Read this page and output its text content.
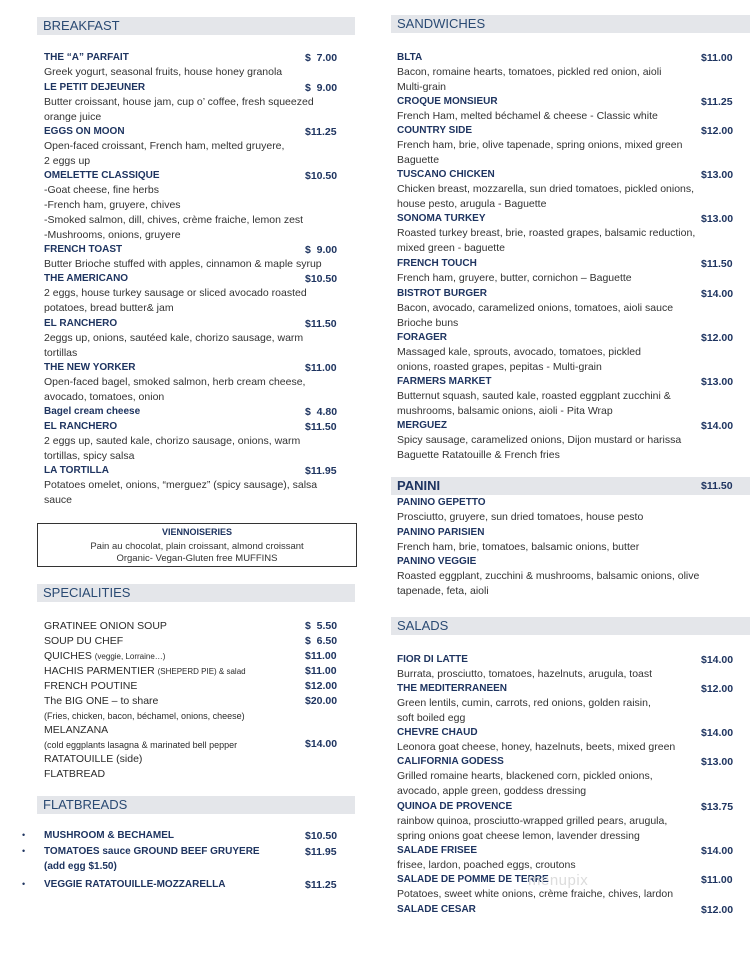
BREAKFAST
THE “A” PARFAIT	$  7.00
Greek yogurt, seasonal fruits, house honey granola
LE PETIT DEJEUNER	$  9.00
Butter croissant, house jam, cup o’ coffee, fresh squeezed
orange juice
EGGS ON MOON	$11.25
Open-faced croissant, French ham, melted gruyere,
2 eggs up
OMELETTE CLASSIQUE	$10.50
-Goat cheese, fine herbs
-French ham, gruyere, chives
-Smoked salmon, dill, chives, crème fraiche, lemon zest
-Mushrooms, onions, gruyere
FRENCH TOAST	$  9.00
Butter Brioche stuffed with apples, cinnamon & maple syrup
THE AMERICANO	$10.50
2 eggs, house turkey sausage or sliced avocado roasted
potatoes, bread butter& jam
EL RANCHERO	$11.50
2eggs up, onions, sautéed kale, chorizo sausage, warm
tortillas
THE NEW YORKER	$11.00
Open-faced bagel, smoked salmon, herb cream cheese,
avocado, tomatoes, onion
Bagel cream cheese	$  4.80
EL RANCHERO	$11.50
2 eggs up, sauted kale, chorizo sausage, onions, warm
tortillas, spicy salsa
LA TORTILLA	$11.95
Potatoes omelet, onions, “merguez” (spicy sausage), salsa
sauce
VIENNOISERIES
Pain au chocolat, plain croissant, almond croissant
Organic- Vegan-Gluten free MUFFINS
SPECIALITIES
GRATINEE ONION SOUP	$  5.50
SOUP DU CHEF	$  6.50
QUICHES (veggie, Lorraine…)	$11.00
HACHIS PARMENTIER (SHEPERD PIE) & salad	$11.00
FRENCH POUTINE	$12.00
The BIG ONE – to share	$20.00
(Fries, chicken, bacon, béchamel, onions, cheese)
MELANZANA
(cold eggplants lasagna & marinated bell pepper	$14.00
RATATOUILLE (side)
FLATBREAD
FLATBREADS
• MUSHROOM & BECHAMEL	$10.50
• TOMATOES sauce GROUND BEEF GRUYERE	$11.95
(add egg $1.50)
• VEGGIE RATATOUILLE-MOZZARELLA	$11.25
SANDWICHES
BLTA	$11.00
Bacon, romaine hearts, tomatoes, pickled red onion, aioli
Multi-grain
CROQUE MONSIEUR	$11.25
French Ham, melted béchamel & cheese - Classic white
COUNTRY SIDE	$12.00
French ham, brie, olive tapenade, spring onions, mixed green
Baguette
TUSCANO CHICKEN	$13.00
Chicken breast, mozzarella, sun dried tomatoes, pickled onions,
house pesto, arugula - Baguette
SONOMA TURKEY	$13.00
Roasted turkey breast, brie, roasted grapes, balsamic reduction,
mixed green - baguette
FRENCH TOUCH	$11.50
French ham, gruyere, butter, cornichon – Baguette
BISTROT BURGER	$14.00
Bacon, avocado, caramelized onions, tomatoes, aioli sauce
Brioche buns
FORAGER	$12.00
Massaged kale, sprouts, avocado, tomatoes, pickled
onions, roasted grapes, pepitas - Multi-grain
FARMERS MARKET	$13.00
Butternut squash, sauted kale, roasted eggplant zucchini &
mushrooms, balsamic onions, aioli - Pita Wrap
MERGUEZ	$14.00
Spicy sausage, caramelized onions, Dijon mustard or harissa
Baguette Ratatouille & French fries
PANINI	$11.50
PANINO GEPETTO
Prosciutto, gruyere, sun dried tomatoes, house pesto
PANINO PARISIEN
French ham, brie, tomatoes, balsamic onions, butter
PANINO VEGGIE
Roasted eggplant, zucchini & mushrooms, balsamic onions, olive
tapenade, feta, aioli
SALADS
FIOR DI LATTE	$14.00
Burrata, prosciutto, tomatoes, hazelnuts, arugula, toast
THE MEDITERRANEEN	$12.00
Green lentils, cumin, carrots, red onions, golden raisin,
soft boiled egg
CHEVRE CHAUD	$14.00
Leonora goat cheese, honey, hazelnuts, beets, mixed green
CALIFORNIA GODESS	$13.00
Grilled romaine hearts, blackened corn, pickled onions,
avocado, apple green, goddess dressing
QUINOA DE PROVENCE	$13.75
rainbow quinoa, prosciutto-wrapped grilled pears, arugula,
spring onions goat cheese lemon, lavender dressing
SALADE FRISEE	$14.00
frisee, lardon, poached eggs, croutons
SALADE DE POMME DE TERRE	$11.00
Potatoes, sweet white onions, crème fraiche, chives, lardon
SALADE CESAR	$12.00
menupix
